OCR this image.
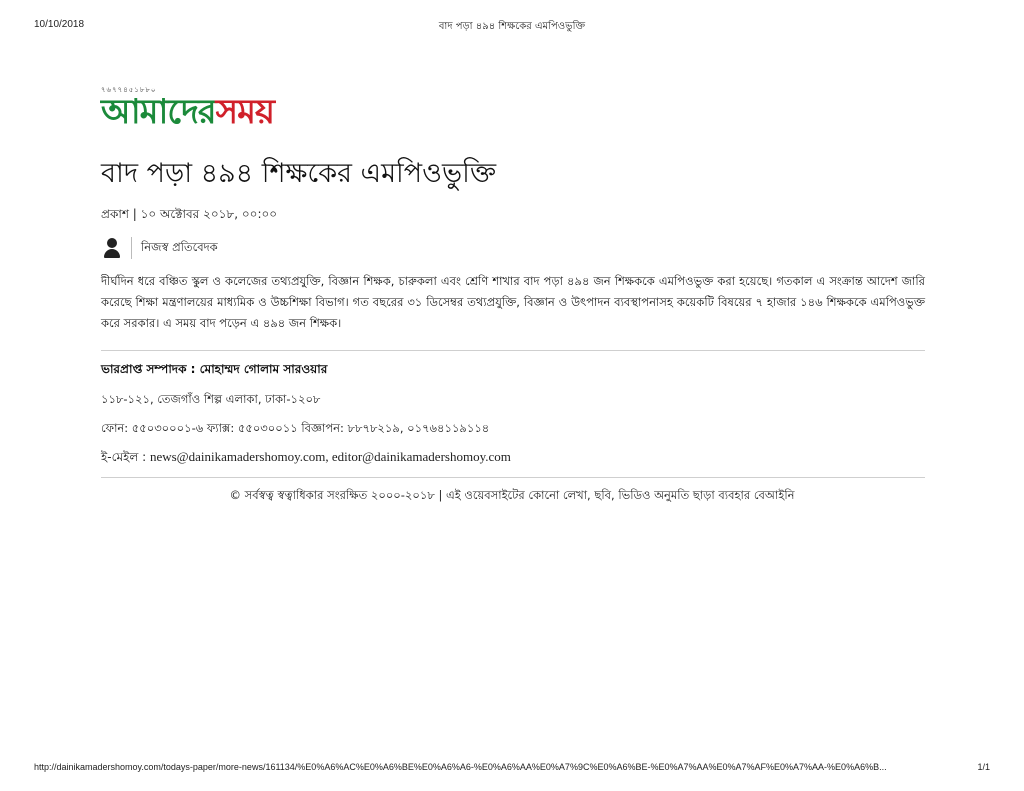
10/10/2018	বাদ পড়া ৪৯৪ শিক্ষকের এমপিওভুক্তি
৭৬৭৭৪৫১৮৮০
আমাদেরসময়
বাদ পড়া ৪৯৪ শিক্ষকের এমপিওভুক্তি
প্রকাশ | ১০ অক্টোবর ২০১৮, ০০:০০
নিজস্ব প্রতিবেদক

দীর্ঘদিন ধরে বঞ্চিত স্কুল ও কলেজের তথ্যপ্রযুক্তি, বিজ্ঞান শিক্ষক, চারুকলা এবং শ্রেণি শাখার বাদ পড়া ৪৯৪ জন শিক্ষককে এমপিওভুক্ত করা হয়েছে। গতকাল এ সংক্রান্ত আদেশ জারি করেছে শিক্ষা মন্ত্রণালয়ের মাধ্যমিক ও উচ্চশিক্ষা বিভাগ। গত বছরের ৩১ ডিসেম্বর তথ্যপ্রযুক্তি, বিজ্ঞান ও উৎপাদন ব্যবস্থাপনাসহ কয়েকটি বিষয়ের ৭ হাজার ১৪৬ শিক্ষককে এমপিওভুক্ত করে সরকার। এ সময় বাদ পড়েন এ ৪৯৪ জন শিক্ষক।

ভারপ্রাপ্ত সম্পাদক : মোহাম্মদ গোলাম সারওয়ার
১১৮-১২১, তেজগাঁও শিল্প এলাকা, ঢাকা-১২০৮
ফোন: ৫৫০৩০০০১-৬ ফ্যাক্স: ৫৫০৩০০১১ বিজ্ঞাপন: ৮৮৭৮২১৯, ০১৭৬৪১১৯১১৪
ই-মেইল : news@dainikamadershomoy.com, editor@dainikamadershomoy.com
© সর্বস্বত্ব স্বত্বাধিকার সংরক্ষিত ২০০০-২০১৮ | এই ওয়েবসাইটের কোনো লেখা, ছবি, ভিডিও অনুমতি ছাড়া ব্যবহার বেআইনি
http://dainikamadershomoy.com/todays-paper/more-news/161134/%E0%A6%AC%E0%A6%BE%E0%A6%A6-%E0%A6%AA%E0%A7%9C%E0%A6%BE-%E0%A7%AA%E0%A7%AF%E0%A7%AA-%E0%A6%B...	1/1
